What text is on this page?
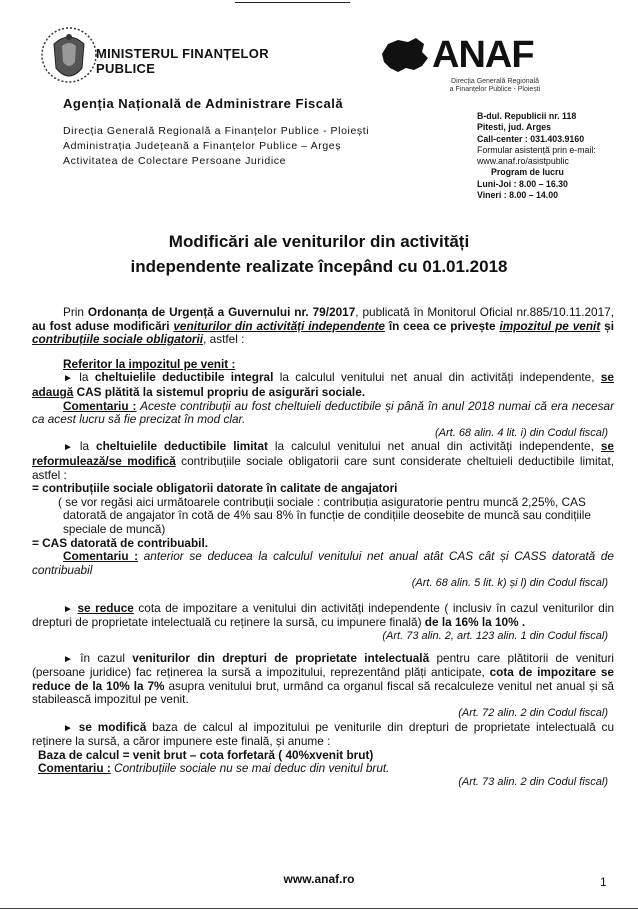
MINISTERUL FINANȚELOR
PUBLICE	ANAF
Direcția Generală Regională
a Finanțelor Publice - Ploiești
Agenția Națională de Administrare Fiscală
Direcția Generală Regională a Finanțelor Publice - Ploiești
Administrația Județeană a Finanțelor Publice – Argeș
Activitatea de Colectare Persoane Juridice
B-dul. Republicii nr. 118
Pitesti, jud. Arges
Call-center : 031.403.9160
Formular asistență prin e-mail:
www.anaf.ro/asistpublic
Program de lucru
Luni-Joi : 8.00 – 16.30
Vineri : 8.00 – 14.00
Modificări ale veniturilor din activități
independente realizate începând cu 01.01.2018

Prin Ordonanța de Urgență a Guvernului nr. 79/2017, publicată în Monitorul Oficial nr.885/10.11.2017, au fost aduse modificări veniturilor din activități independente în ceea ce privește impozitul pe venit și contribuțiile sociale obligatorii, astfel :

Referitor la impozitul pe venit :

► la cheltuielile deductibile integral la calculul venitului net anual din activități independente, se adaugă CAS plătită la sistemul propriu de asigurări sociale.

Comentariu : Aceste contribuții au fost cheltuieli deductibile și până în anul 2018 numai că era necesar ca acest lucru să fie precizat în mod clar.

(Art. 68 alin. 4 lit. i) din Codul fiscal)

► la cheltuielile deductibile limitat la calculul venitului net anual din activități independente, se reformulează/se modifică contribuțiile sociale obligatorii care sunt considerate cheltuieli deductibile limitat, astfel :

= contribuțiile sociale obligatorii datorate în calitate de angajatori

( se vor regăsi aici următoarele contribuții sociale : contribuția asiguratorie pentru muncă 2,25%, CAS datorată de angajator în cotă de 4% sau 8% în funcție de condițiile deosebite de muncă sau condițiile speciale de muncă)

= CAS datorată de contribuabil.

Comentariu : anterior se deducea la calculul venitului net anual atât CAS cât și CASS datorată de contribuabil

(Art. 68 alin. 5 lit. k) și l) din Codul fiscal)

► se reduce cota de impozitare a venitului din activități independente ( inclusiv în cazul veniturilor din drepturi de proprietate intelectuală cu reținere la sursă, cu impunere finală) de la 16% la 10% .

(Art. 73 alin. 2, art. 123 alin. 1 din Codul fiscal)

► în cazul veniturilor din drepturi de proprietate intelectuală pentru care plătitorii de venituri (persoane juridice) fac reținerea la sursă a impozitului, reprezentând plăți anticipate, cota de impozitare se reduce de la 10% la 7% asupra venitului brut, urmând ca organul fiscal să recalculeze venitul net anual și să stabilească impozitul pe venit.

(Art. 72 alin. 2 din Codul fiscal)

► se modifică baza de calcul al impozitului pe veniturile din drepturi de proprietate intelectuală cu reținere la sursă, a căror impunere este finală, și anume :

Baza de calcul = venit brut – cota forfetară ( 40%xvenit brut)

Comentariu : Contribuțiile sociale nu se mai deduc din venitul brut.

(Art. 73 alin. 2 din Codul fiscal)

www.anaf.ro	1
